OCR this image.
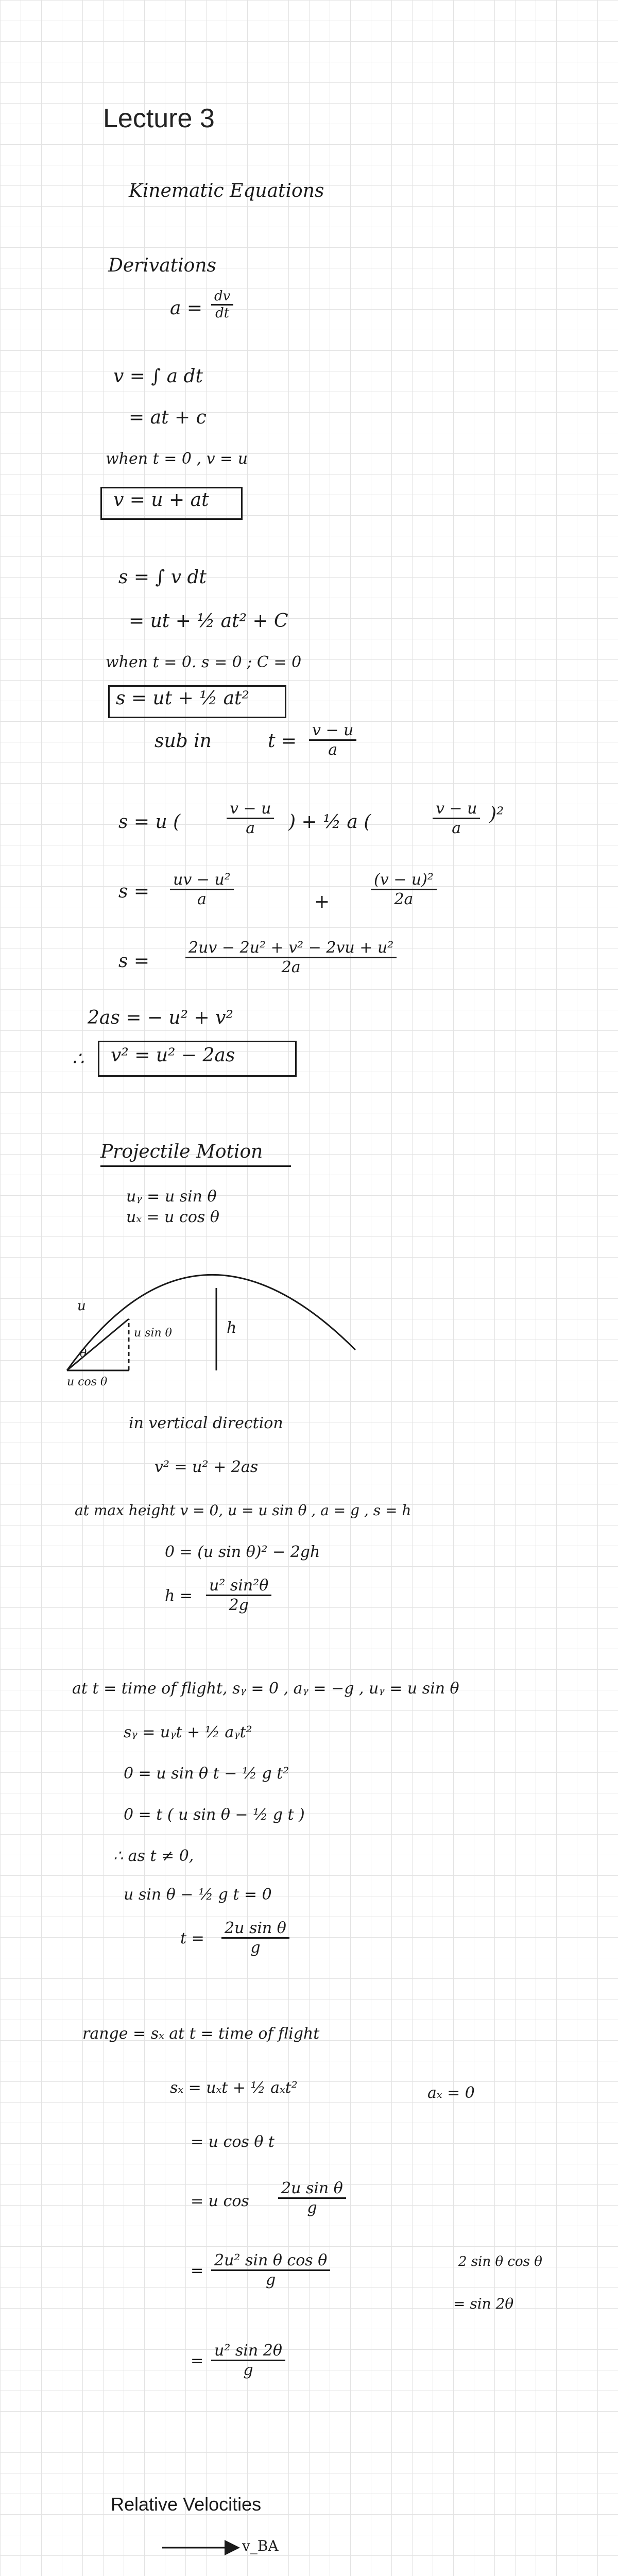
Lecture 3
Kinematic Equations
Derivations
$a = \frac{dv}{dt}$
v = ∫ a dt
= at + c
when t = 0 , v = u
v = u + at
s = ∫ v dt
= ut + ½ at² + C
when t = 0. s = 0 ; C = 0
s = ut + ½ at²
sub in	$t = \frac{v - u}{a}$
s = u (	$\frac{v - u}{a}$ ) + ½ a (	$\frac{v - u}{a} )^2$
$s = \frac{\text{uv − u²}}{a}$	+	$\frac{\text{(v − u)²}}{2a}$
$s = \frac{\text{2uv − 2u² + v² − 2vu + u²}}{2a}$
2as = − u² + v²
∴ v² = u² − 2as
Projectile Motion
uᵧ = u sin θ
uₓ = u cos θ
u
θ
u sin θ
u cos θ
h
in vertical direction
v² = u² + 2as
at max height v = 0, u = u sin θ , a = g , s = h
0 = (u sin θ)² − 2gh
$h = \frac{\text{u² sin²θ}}{2g}$
at t = time of flight, sᵧ = 0 , aᵧ = −g , uᵧ = u sin θ
sᵧ = uᵧt + ½ aᵧt²
0 = u sin θ t − ½ g t²
0 = t ( u sin θ − ½ g t )
∴ as t ≠ 0,
u sin θ − ½ g t = 0
$t = \frac{\text{2u sin θ}}{g}$
range = sₓ at t = time of flight
sₓ = uₓt + ½ aₓt²	aₓ = 0
= u cos θ t
= u $\cos \frac{\text{2u sin θ}}{g}$
= $\frac{\text{2u² sin θ cos θ}}{g}$	2 sin θ cos θ
= sin 2θ
= $\frac{\text{u² sin 2θ}}{g}$
Relative Velocities
v_BA
